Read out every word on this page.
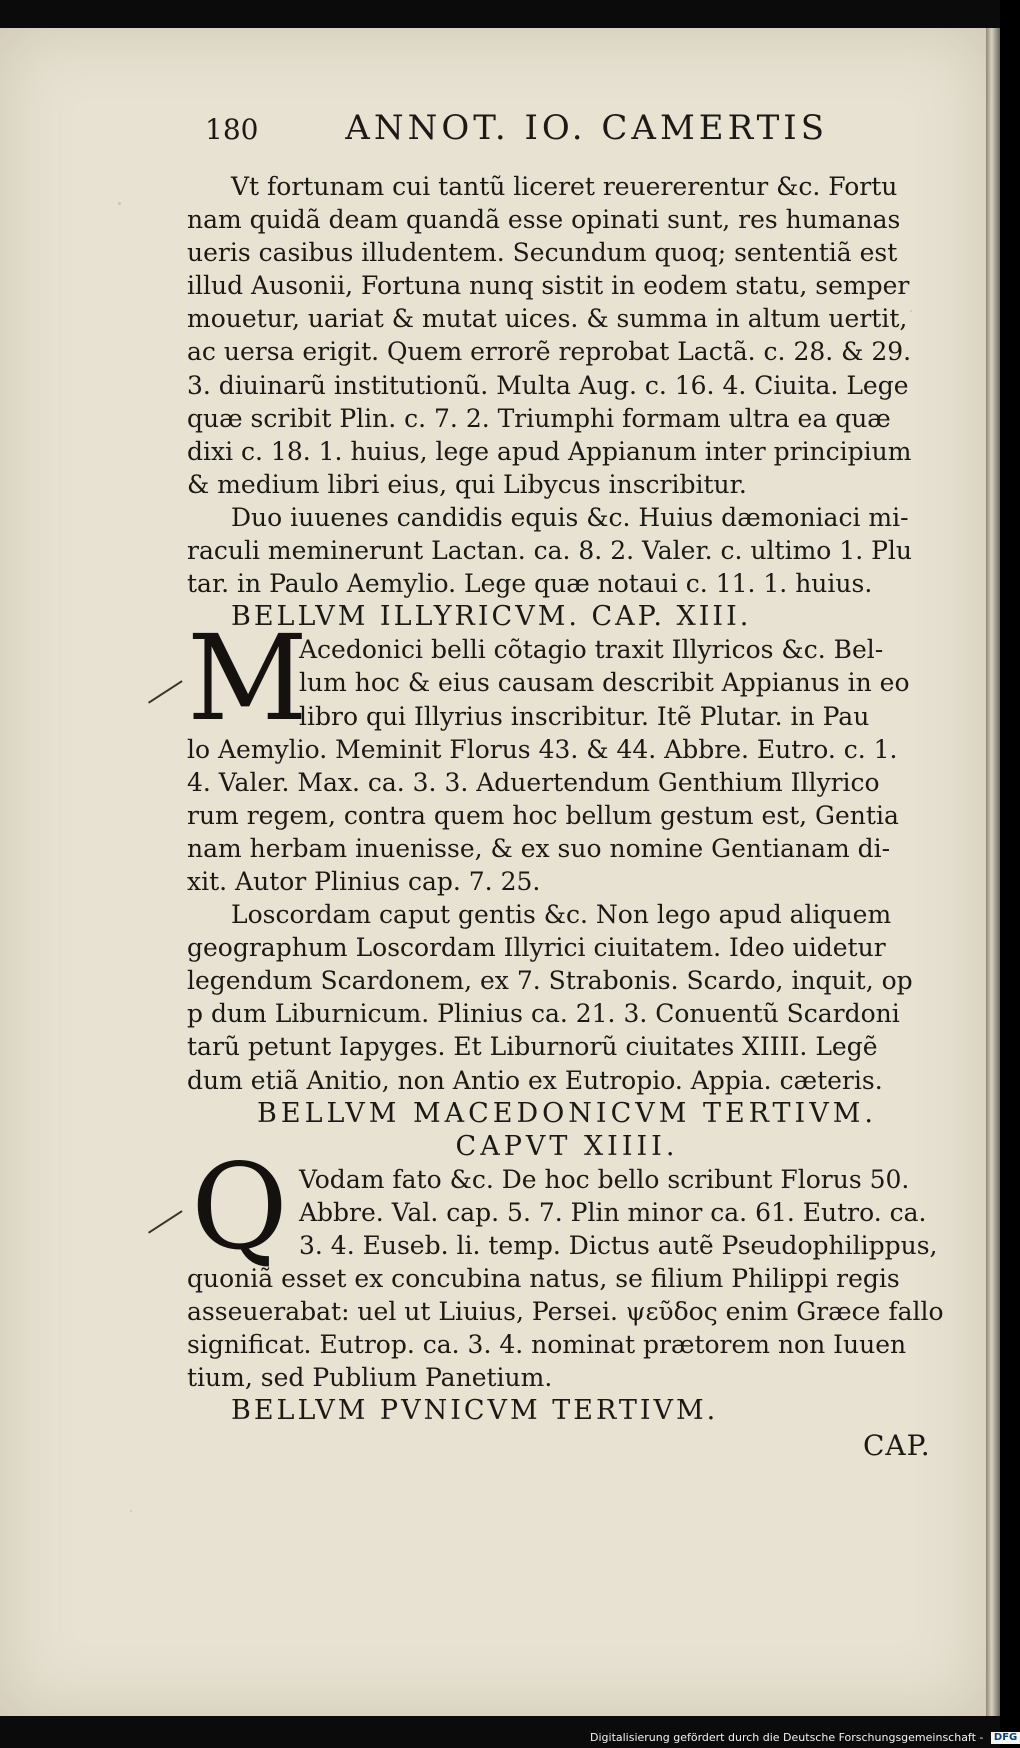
180	ANNOT. IO. CAMERTIS
Vt fortunam cui tantũ liceret reuererentur &c. Fortu
nam quidã deam quandã esse opinati sunt, res humanas
ueris casibus illudentem. Secundum quoq; sententiã est
illud Ausonii, Fortuna nunq sistit in eodem statu, semper
mouetur, uariat & mutat uices. & summa in altum uertit,
ac uersa erigit. Quem errorẽ reprobat Lactã. c. 28. & 29.
3. diuinarũ institutionũ. Multa Aug. c. 16. 4. Ciuita. Lege
quæ scribit Plin. c. 7. 2. Triumphi formam ultra ea quæ
dixi c. 18. 1. huius, lege apud Appianum inter principium
& medium libri eius, qui Libycus inscribitur.
Duo iuuenes candidis equis &c. Huius dæmoniaci mi-
raculi meminerunt Lactan. ca. 8. 2. Valer. c. ultimo 1. Plu
tar. in Paulo Aemylio. Lege quæ notaui c. 11. 1. huius.
BELLVM ILLYRICVM. CAP. XIII.
M
Acedonici belli cõtagio traxit Illyricos &c. Bel-
lum hoc & eius causam describit Appianus in eo
libro qui Illyrius inscribitur. Itẽ Plutar. in Pau
lo Aemylio. Meminit Florus 43. & 44. Abbre. Eutro. c. 1.
4. Valer. Max. ca. 3. 3. Aduertendum Genthium Illyrico
rum regem, contra quem hoc bellum gestum est, Gentia
nam herbam inuenisse, & ex suo nomine Gentianam di-
xit. Autor Plinius cap. 7. 25.
Loscordam caput gentis &c. Non lego apud aliquem
geographum Loscordam Illyrici ciuitatem. Ideo uidetur
legendum Scardonem, ex 7. Strabonis. Scardo, inquit, op
p dum Liburnicum. Plinius ca. 21. 3. Conuentũ Scardoni
tarũ petunt Iapyges. Et Liburnorũ ciuitates XIIII. Legẽ
dum etiã Anitio, non Antio ex Eutropio. Appia. cæteris.
BELLVM MACEDONICVM TERTIVM.
CAPVT XIIII.
Q Vodam fato &c. De hoc bello scribunt Florus 50.
Abbre. Val. cap. 5. 7. Plin minor ca. 61. Eutro. ca.
3. 4. Euseb. li. temp. Dictus autẽ Pseudophilippus,
quoniã esset ex concubina natus, se filium Philippi regis
asseuerabat: uel ut Liuius, Persei. ψεῦδος enim Græce fallo
significat. Eutrop. ca. 3. 4. nominat prætorem non Iuuen
tium, sed Publium Panetium.
BELLVM PVNICVM TERTIVM.
CAP.
Digitalisierung gefördert durch die Deutsche Forschungsgemeinschaft - DFG
